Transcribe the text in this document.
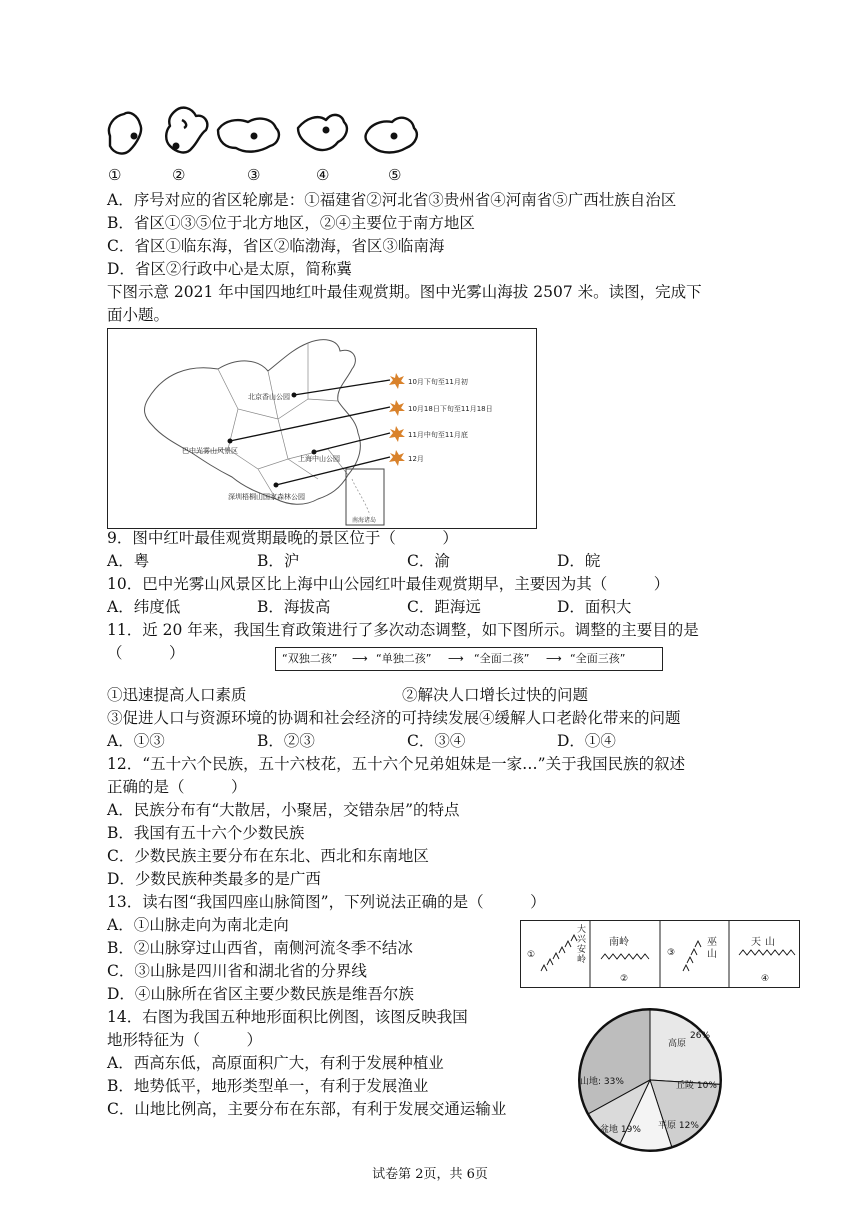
①	②	③	④	⑤
A．序号对应的省区轮廓是：①福建省②河北省③贵州省④河南省⑤广西壮族自治区
B．省区①③⑤位于北方地区，②④主要位于南方地区
C．省区①临东海，省区②临渤海，省区③临南海
D．省区②行政中心是太原，简称冀
下图示意 2021 年中国四地红叶最佳观赏期。图中光雾山海拔 2507 米。读图，完成下
面小题。
南海诸岛
北京香山公园
巴中光雾山风景区
上海中山公园
深圳梧桐山国家森林公园
10月下旬至11月初
10月18日下旬至11月18日
11月中旬至11月底
12月
9．图中红叶最佳观赏期最晚的景区位于（　　　）
A．粤	B．沪	C．渝	D．皖
10．巴中光雾山风景区比上海中山公园红叶最佳观赏期早，主要因为其（　　　）
A．纬度低	B．海拔高	C．距海远	D．面积大
11．近 20 年来，我国生育政策进行了多次动态调整，如下图所示。调整的主要目的是
（　　　）	“双独二孩” ⟶ “单独二孩” ⟶ “全面二孩” ⟶ “全面三孩”
①迅速提高人口素质	②解决人口增长过快的问题
③促进人口与资源环境的协调和社会经济的可持续发展④缓解人口老龄化带来的问题
A．①③	B．②③	C．③④	D．①④
12．“五十六个民族，五十六枝花，五十六个兄弟姐妹是一家…”关于我国民族的叙述
正确的是（　　　）
A．民族分布有“大散居，小聚居，交错杂居”的特点
B．我国有五十六个少数民族
C．少数民族主要分布在东北、西北和东南地区
D．少数民族种类最多的是广西
13．读右图“我国四座山脉简图”，下列说法正确的是（　　　）
A．①山脉走向为南北走向
B．②山脉穿过山西省，南侧河流冬季不结冰
C．③山脉是四川省和湖北省的分界线
D．④山脉所在省区主要少数民族是维吾尔族
①
②
③
④
大兴安岭
南岭	巫山
天山
14．右图为我国五种地形面积比例图，该图反映我国
地形特征为（　　　）
A．西高东低，高原面积广大，有利于发展种植业
B．地势低平，地形类型单一，有利于发展渔业
C．山地比例高，主要分布在东部，有利于发展交通运输业
高原
26%
丘陵 10%
山地: 33%
盆地 19% 平原 12%
试卷第 2页，共 6页
